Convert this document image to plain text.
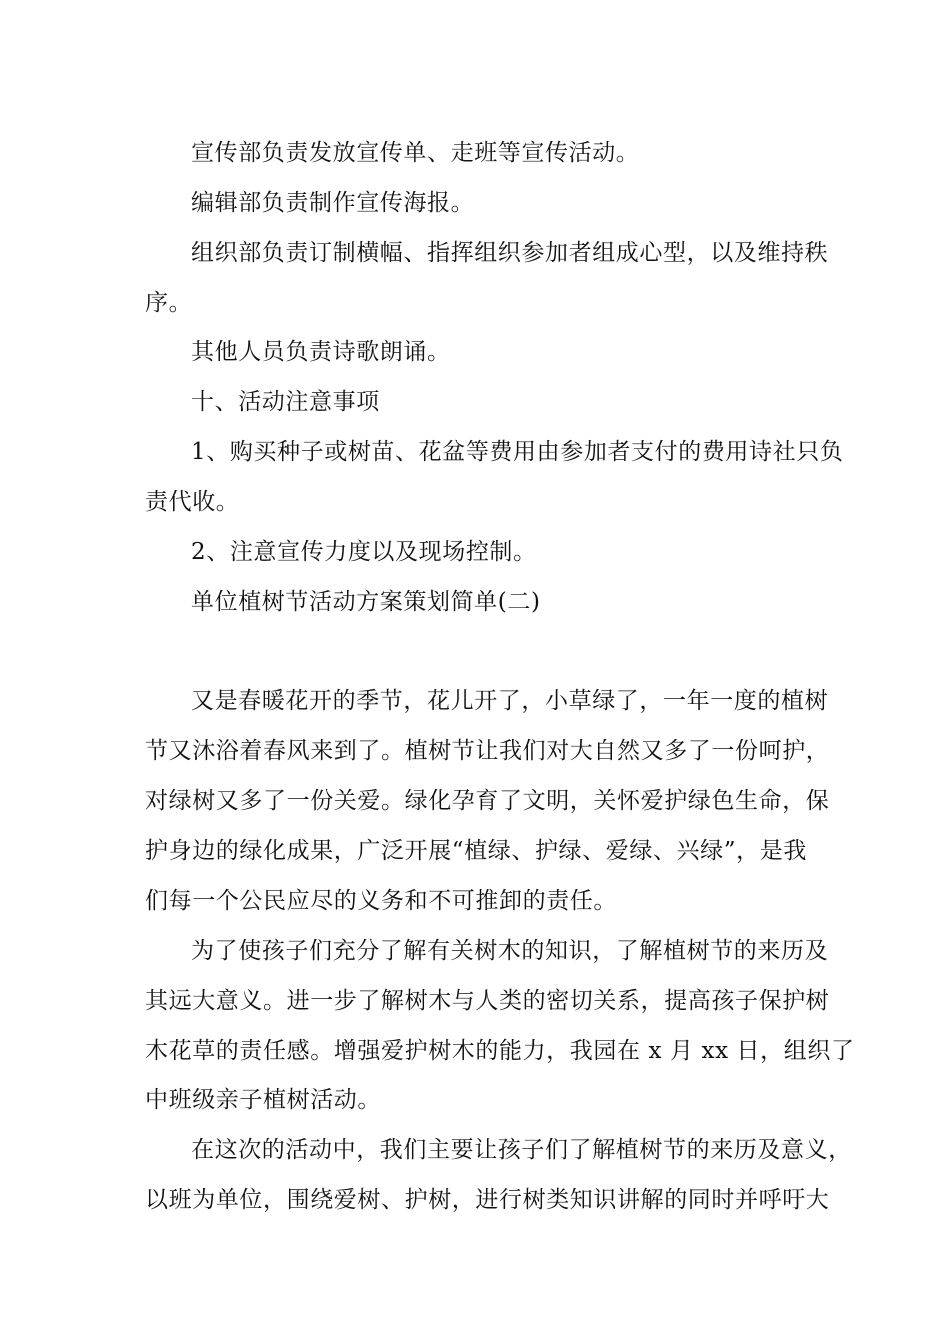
宣传部负责发放宣传单、走班等宣传活动。
编辑部负责制作宣传海报。
组织部负责订制横幅、指挥组织参加者组成心型，以及维持秩
序。
其他人员负责诗歌朗诵。
十、活动注意事项
1、购买种子或树苗、花盆等费用由参加者支付的费用诗社只负
责代收。
2、注意宣传力度以及现场控制。
单位植树节活动方案策划简单(二)
又是春暖花开的季节，花儿开了，小草绿了，一年一度的植树
节又沐浴着春风来到了。植树节让我们对大自然又多了一份呵护，
对绿树又多了一份关爱。绿化孕育了文明，关怀爱护绿色生命，保
护身边的绿化成果，广泛开展“植绿、护绿、爱绿、兴绿”，是我
们每一个公民应尽的义务和不可推卸的责任。
为了使孩子们充分了解有关树木的知识，了解植树节的来历及
其远大意义。进一步了解树木与人类的密切关系，提高孩子保护树
木花草的责任感。增强爱护树木的能力，我园在 x 月 xx 日，组织了
中班级亲子植树活动。
在这次的活动中，我们主要让孩子们了解植树节的来历及意义，
以班为单位，围绕爱树、护树，进行树类知识讲解的同时并呼吁大
